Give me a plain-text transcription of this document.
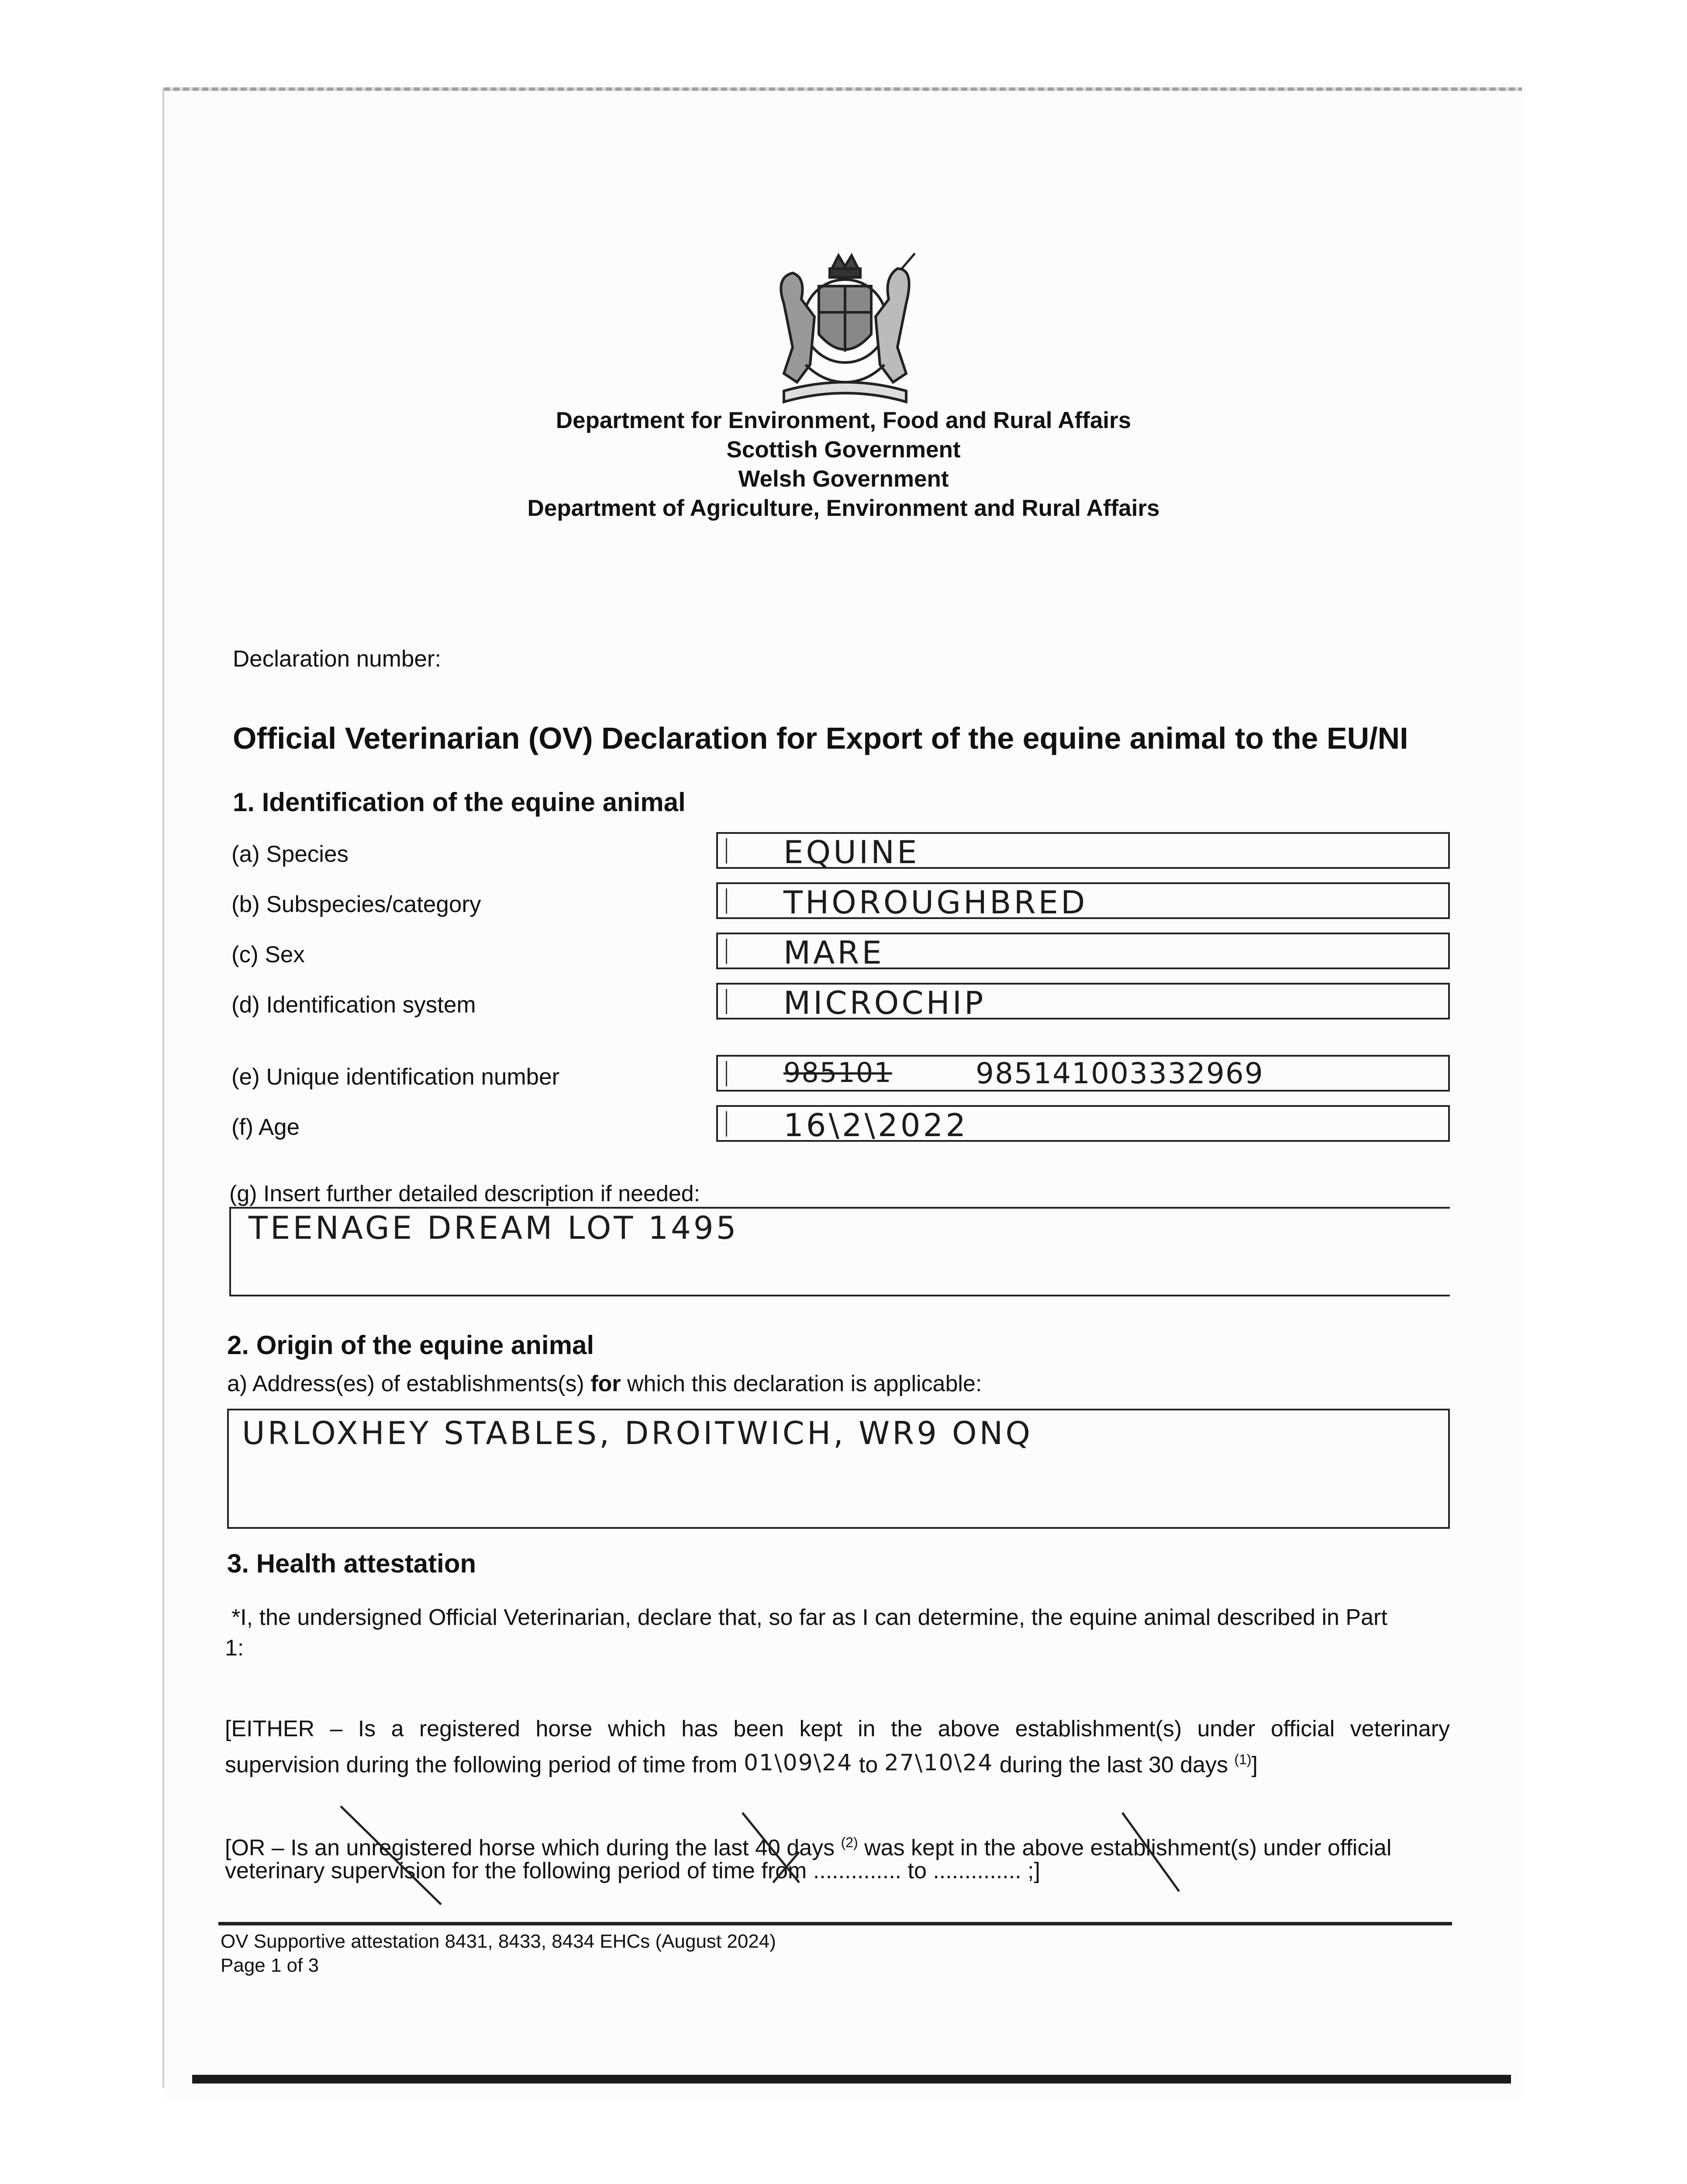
Department for Environment, Food and Rural Affairs
Scottish Government
Welsh Government
Department of Agriculture, Environment and Rural Affairs
Declaration number:
Official Veterinarian (OV) Declaration for Export of the equine animal to the EU/NI
1. Identification of the equine animal
(a) Species	EQUINE
(b) Subspecies/category	THOROUGHBRED
(c) Sex	MARE
(d) Identification system	MICROCHIP
(e) Unique identification number	985101	985141003332969
(f) Age	16\2\2022
(g) Insert further detailed description if needed:
TEENAGE DREAM LOT 1495
2. Origin of the equine animal
a) Address(es) of establishments(s) for which this declaration is applicable:
URLOXHEY STABLES, DROITWICH, WR9 ONQ
3. Health attestation
*I, the undersigned Official Veterinarian, declare that, so far as I can determine, the equine animal described in Part
1:
[EITHER – Is a registered horse which has been kept in the above establishment(s) under official veterinary
supervision during the following period of time from 01\09\24 to 27\10\24 during the last 30 days $^{(1)}$]
[OR – Is an unregistered horse which during the last 40 days $^{(2)}$ was kept in the above establishment(s) under official
veterinary supervision for the following period of time from .............. to .............. ;]
OV Supportive attestation 8431, 8433, 8434 EHCs (August 2024)
Page 1 of 3
